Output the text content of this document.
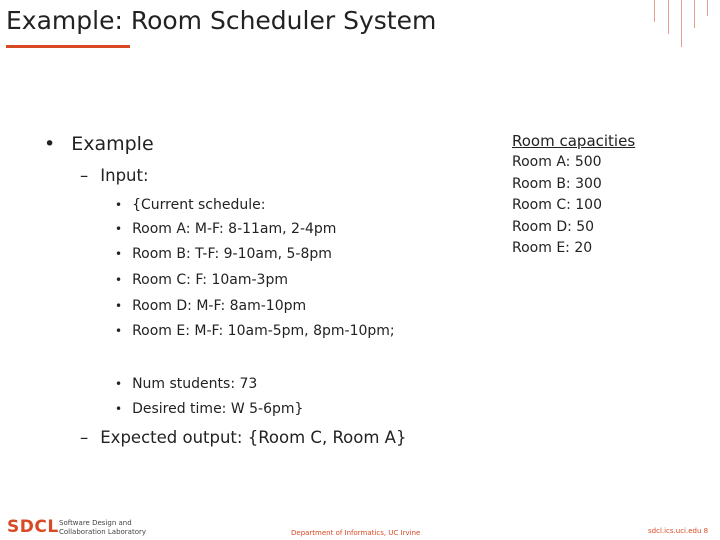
Example: Room Scheduler System
• Example
– Input:
• {Current schedule:
• Room A: M-F: 8-11am, 2-4pm
• Room B: T-F: 9-10am, 5-8pm
• Room C: F: 10am-3pm
• Room D: M-F: 8am-10pm
• Room E: M-F: 10am-5pm, 8pm-10pm;
• Num students: 73
• Desired time: W 5-6pm}
– Expected output: {Room C, Room A}
Room capacities
Room A: 500
Room B: 300
Room C: 100
Room D: 50
Room E: 20
SDCL Software Design and
Collaboration Laboratory	Department of Informatics, UC Irvine	sdcl.ics.uci.edu 8
